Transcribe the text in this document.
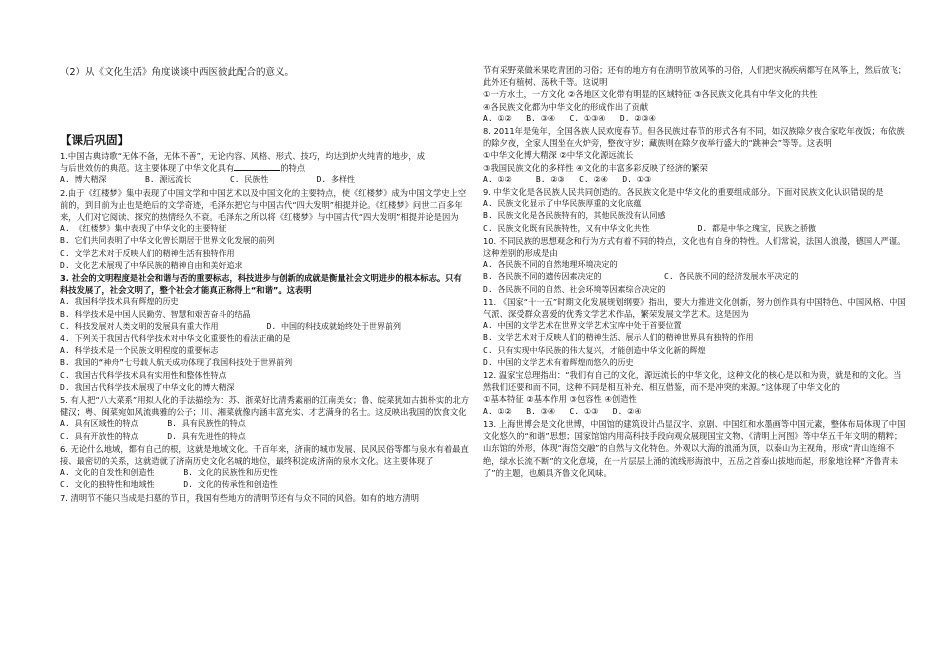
（2）从《文化生活》角度谈谈中西医彼此配合的意义。
【课后巩固】
1.中国古典诗歌“无体不备，无体不善”，无论内容、风格、形式、技巧，均达到炉火纯青的地步，成
与后世效仿的典范。这主要体现了中华文化具有	的特点
A. 博大精深        B. 源远流长        C. 民族性          D. 多样性
2.由于《红楼梦》集中表现了中国文学和中国艺术以及中国文化的主要特点，使《红楼梦》成为中国文学史上空前的，到目前为止也是绝后的文学奇迹，毛泽东把它与中国古代“四大发明”相提并论。《红楼梦》问世二百多年来，人们对它阅读、探究的热情经久不衰。毛泽东之所以将《红楼梦》与中国古代“四大发明”相提并论是因为
A. 《红楼梦》集中表现了中华文化的主要特征
B. 它们共同表明了中华文化曾长期居于世界文化发展的前列
C. 文学艺术对于反映人们的精神生活有独特作用
D. 文化艺术展现了中华民族的精神自由和美好追求
3. 社会的文明程度是社会和谐与否的重要标志，科技进步与创新的成就是衡量社会文明进步的根本标志。只有科技发展了，社会文明了，整个社会才能真正称得上“和谐”。这表明
A. 我国科学技术具有辉煌的历史
B. 科学技术是中国人民勤劳、智慧和艰苦奋斗的结晶
C. 科技发展对人类文明的发展具有重大作用          D. 中国的科技成就始终处于世界前列
4. 下列关于我国古代科学技术对中华文化重要性的看法正确的是
A. 科学技术是一个民族文明程度的重要标志
B. 我国的“神舟”七号载人航天成功体现了我国科技处于世界前列
C. 我国古代科学技术具有实用性和整体性特点
D. 我国古代科学技术展现了中华文化的博大精深
5. 有人把“八大菜系”用拟人化的手法描绘为：苏、浙菜好比清秀素丽的江南美女；鲁、皖菜犹如古拙朴实的北方健汉；粤、闽菜宛如风流典雅的公子；川、湘菜就像内涵丰富充实、才艺满身的名士。这反映出我国的饮食文化
A. 具有区域性的特点      B. 具有民族性的特点
C. 具有开放性的特点      D. 具有先进性的特点
6. 无论什么地域，都有自己的根，这就是地域文化。千百年来，济南的城市发展、民风民俗等都与泉水有着最直接、最密切的关系，这就造就了济南历史文化名城的地位，最终积淀成济南的泉水文化。这主要体现了
A. 文化的自发性和创造性      B. 文化的民族性和历史性
C. 文化的独特性和地域性      D. 文化的传承性和创造性
7. 清明节不能只当成是扫墓的节日，我国有些地方的清明节还有与众不同的风俗。如有的地方清明
节有采野菜做米果吃青团的习俗；还有的地方有在清明节放风筝的习俗，人们把灾祸疾病都写在风筝上，然后放飞；此外还有植树、荡秋千等。这说明
①一方水土，一方文化 ②各地区文化带有明显的区域特征 ③各民族文化具有中华文化的共性
④各民族文化都为中华文化的形成作出了贡献
A. ①②   B. ③④   C. ①③④   D. ②③④
8. 2011年是兔年，全国各族人民欢度春节。但各民族过春节的形式各有不同，如汉族除夕夜合家吃年夜饭；布依族的除夕夜，全家人围坐在火炉旁，整夜守岁；藏族则在除夕夜举行盛大的“跳神会”等等。这表明
①中华文化博大精深 ②中华文化源远流长
③我国民族文化的多样性 ④文化的丰富多彩反映了经济的繁荣
A. ①②     B. ②③   C. ②④   D. ①③
9. 中华文化是各民族人民共同创造的。各民族文化是中华文化的重要组成部分。下面对民族文化认识错误的是
A. 民族文化显示了中华民族厚重的文化底蕴
B. 民族文化是各民族特有的，其他民族没有认同感
C. 民族文化既有民族特性，又有中华文化共性          D. 都是中华之瑰宝，民族之骄傲
10. 不同民族的思想观念和行为方式有着不同的特点，文化也有自身的特性。人们常说，法国人浪漫，德国人严谨。这种差别的形成是由
A. 各民族不同的自然地理环境决定的
B. 各民族不同的遗传因素决定的             C. 各民族不同的经济发展水平决定的
D. 各民族不同的自然、社会环境等因素综合决定的
11. 《国家“十一五”时期文化发展规划纲要》指出，要大力推进文化创新，努力创作具有中国特色、中国风格、中国气派、深受群众喜爱的优秀文学艺术作品，繁荣发展文学艺术。这是因为
A. 中国的文学艺术在世界文学艺术宝库中处于首要位置
B. 文学艺术对于反映人们的精神生活、展示人们的精神世界具有独特的作用
C. 只有实现中华民族的伟大复兴，才能创造中华文化新的辉煌
D. 中国的文学艺术有着辉煌而悠久的历史
12. 温家宝总理指出：“我们有自己的文化，源远流长的中华文化，这种文化的核心是以和为贵，就是和的文化。当然我们还要和而不同，这种不同是相互补充、相互借鉴，而不是冲突的来源。”这体现了中华文化的
①基本特征 ②基本作用 ③包容性 ④创造性
A. ①②   B. ③④   C. ①③   D. ②④
13. 上海世博会是文化世博，中国馆的建筑设计凸显汉字、京剧、中国红和水墨画等中国元素，整体布局体现了中国文化悠久的“和谐”思想；国家馆馆内用高科技手段向观众展现国宝文物、《清明上河图》等中华五千年文明的精粹；山东馆的外形，体现“海岱交融”的自然与文化特色。外观以大海的浪涌为顶，以泰山为主视角，形成“青山连绵不绝，绿水长流不断”的文化意境，在一片层层上涌的流线形海浪中，五岳之首泰山拔地而起，形象地诠释“齐鲁青未了”的主题，也颇具齐鲁文化风味。
